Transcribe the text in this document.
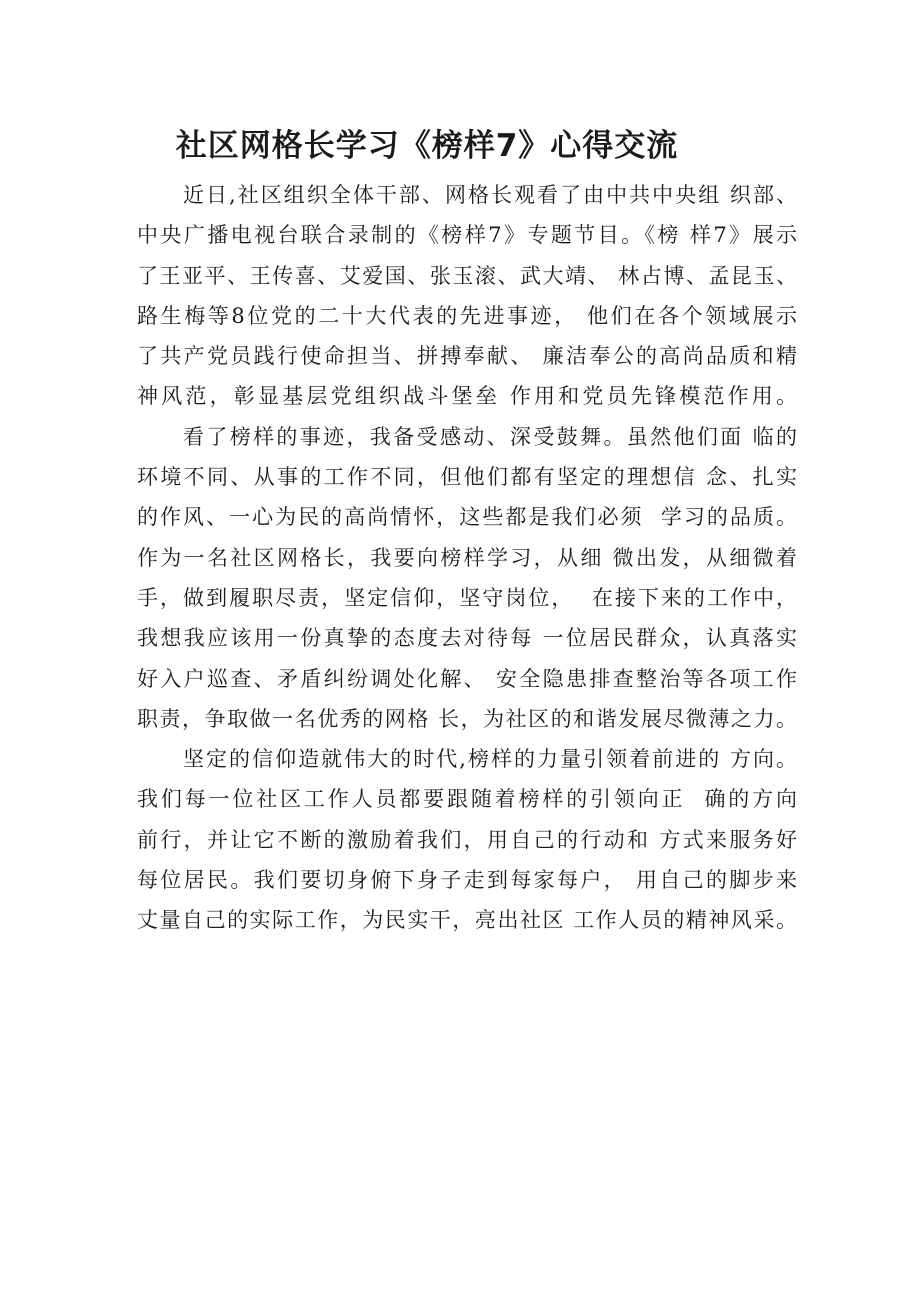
社区网格长学习《榜样7》心得交流
近日,社区组织全体干部、网格长观看了由中共中央组 织部、
中央广播电视台联合录制的《榜样7》专题节目。《榜 样7》展示
了王亚平、王传喜、艾爱国、张玉滚、武大靖、 林占博、孟昆玉、
路生梅等8位党的二十大代表的先进事迹， 他们在各个领域展示
了共产党员践行使命担当、拼搏奉献、 廉洁奉公的高尚品质和精
神风范，彰显基层党组织战斗堡垒 作用和党员先锋模范作用。
看了榜样的事迹，我备受感动、深受鼓舞。虽然他们面 临的
环境不同、从事的工作不同，但他们都有坚定的理想信 念、扎实
的作风、一心为民的高尚情怀，这些都是我们必须  学习的品质。
作为一名社区网格长，我要向榜样学习，从细 微出发，从细微着
手，做到履职尽责，坚定信仰，坚守岗位，  在接下来的工作中，
我想我应该用一份真挚的态度去对待每 一位居民群众，认真落实
好入户巡查、矛盾纠纷调处化解、 安全隐患排查整治等各项工作
职责，争取做一名优秀的网格 长，为社区的和谐发展尽微薄之力。
坚定的信仰造就伟大的时代,榜样的力量引领着前进的 方向。
我们每一位社区工作人员都要跟随着榜样的引领向正  确的方向
前行，并让它不断的激励着我们，用自己的行动和 方式来服务好
每位居民。我们要切身俯下身子走到每家每户， 用自己的脚步来
丈量自己的实际工作，为民实干，亮出社区 工作人员的精神风采。
